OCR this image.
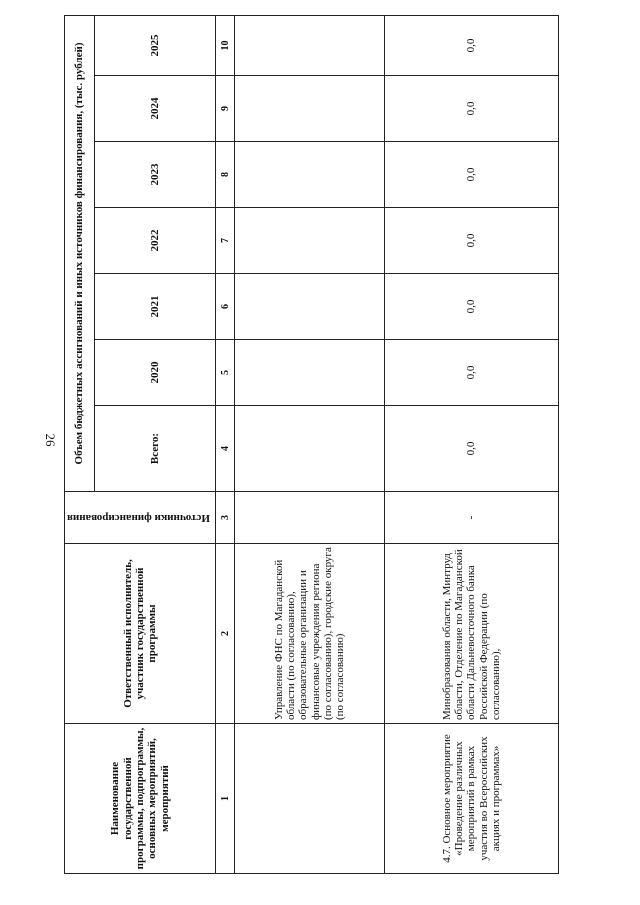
26
Наименование государственной программы, подпрограммы, основных мероприятий, мероприятий	Ответственный исполнитель, участник государственной программы	Источники финансирования	Объем бюджетных ассигнований и иных источников финансирования, (тыс. рублей)						
			Всего:	2020	2021	2022	2023	2024	2025
1	2	3	4	5	6	7	8	9	10
	Управление ФНС по Магаданской области (по согласованию), образовательные организации и финансовые учреждения региона (по согласованию), городские округа (по согласованию)								
4.7. Основное мероприятие «Проведение различных мероприятий в рамках участия во Всероссийских акциях и программах»	Минобразования области, Минтруд области, Отделение по Магаданской области Дальневосточного банка Российской Федерации (по согласованию),	-	0,0	0,0	0,0	0,0	0,0	0,0	0,0
